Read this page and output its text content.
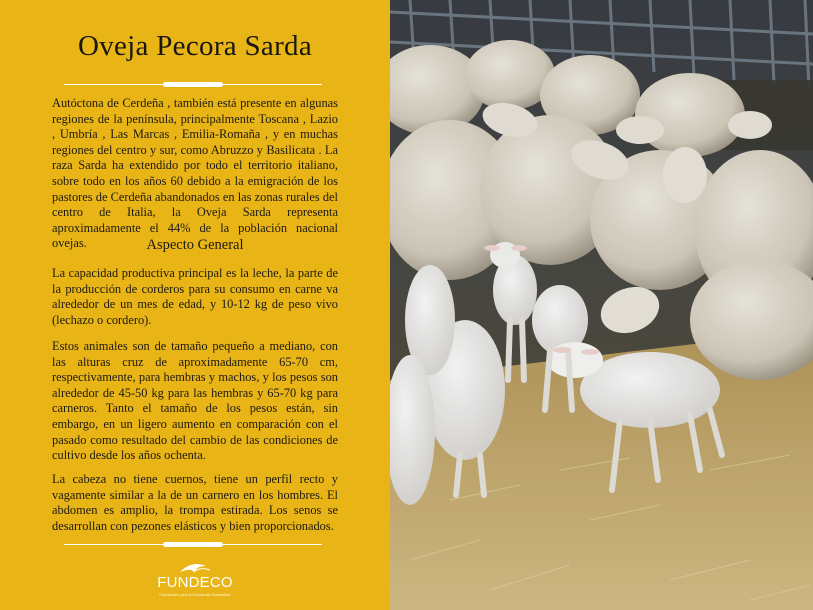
Oveja Pecora Sarda

Autóctona de Cerdeña , también está presente en algunas regiones de la península, principalmente Toscana , Lazio , Umbría , Las Marcas , Emilia-Romaña , y en muchas regiones del centro y sur, como Abruzzo y Basilicata . La raza Sarda ha extendido por todo el territorio italiano, sobre todo en los años 60 debido a la emigración de los pastores de Cerdeña abandonados en las zonas rurales del centro de Italia, la Oveja Sarda representa aproximadamente el 44% de la población nacional ovejas.	Aspecto General

La capacidad productiva principal es la leche, la parte de la producción de corderos para su consumo en carne va alrededor de un mes de edad, y 10-12 kg de peso vivo (lechazo o cordero).

Estos animales son de tamaño pequeño a mediano, con las alturas cruz de aproximadamente 65-70 cm, respectivamente, para hembras y machos, y los pesos son alrededor de 45-50 kg para las hembras y 65-70 kg para carneros. Tanto el tamaño de los pesos están, sin embargo, en un ligero aumento en comparación con el pasado como resultado del cambio de las condiciones de cultivo desde los años ochenta.

La cabeza no tiene cuernos, tiene un perfil recto y vagamente similar a la de un carnero en los hombres. El abdomen es amplio, la trompa estirada. Los senos se desarrollan con pezones elásticos y bien proporcionados.

FUNDECO
Fundación para el Desarrollo Sostenible
